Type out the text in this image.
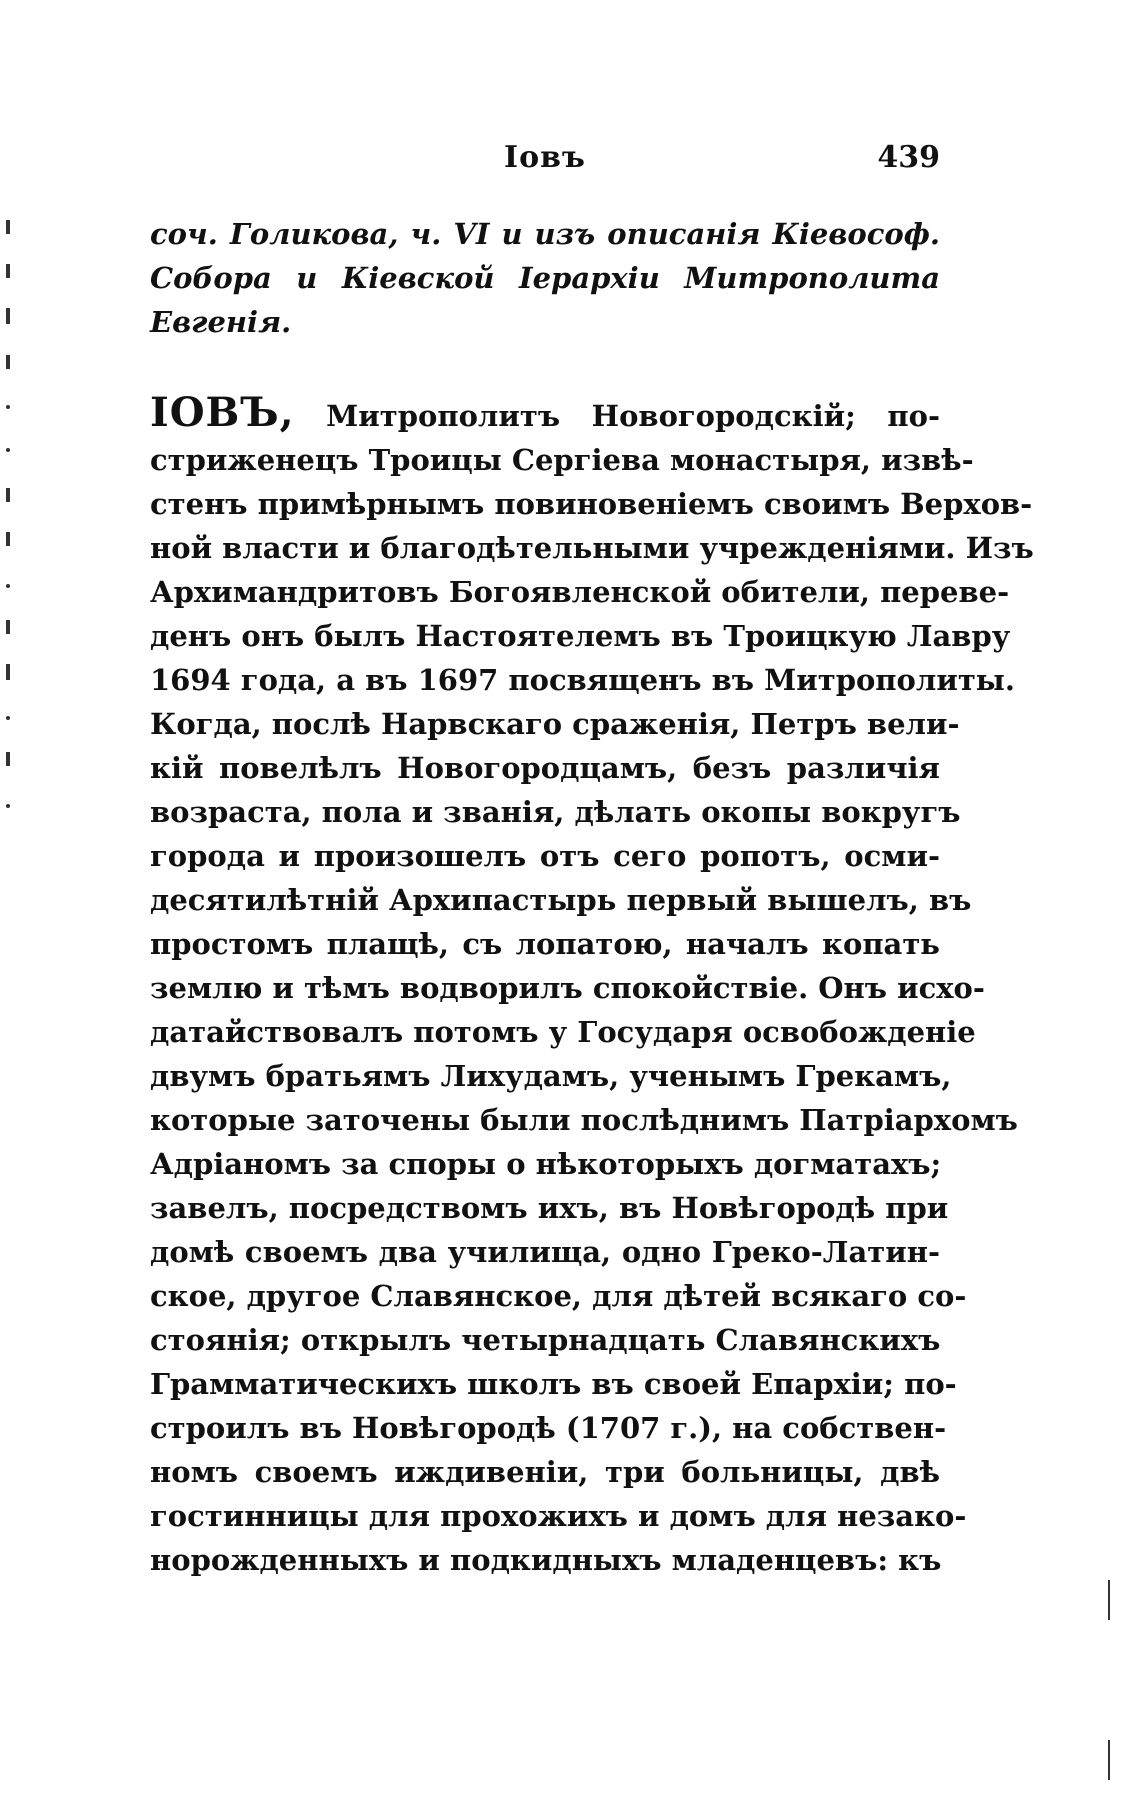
Іовъ	439
соч. Голикова, ч. VI и изъ описанія Кіевософ.
Собора и Кіевской Іерархіи Митрополита
Евгенія.
ІОВЪ, Митрополитъ Новогородскій; по-
стриженецъ Троицы Сергіева монастыря, извѣ-
стенъ примѣрнымъ повиновеніемъ своимъ Верхов-
ной власти и благодѣтельными учрежденіями. Изъ
Архимандритовъ Богоявленской обители, переве-
денъ онъ былъ Настоятелемъ въ Троицкую Лавру
1694 года, а въ 1697 посвященъ въ Митрополиты.
Когда, послѣ Нарвскаго сраженія, Петръ вели-
кій повелѣлъ Новогородцамъ, безъ различія
возраста, пола и званія, дѣлать окопы вокругъ
города и произошелъ отъ сего ропотъ, осми-
десятилѣтній Архипастырь первый вышелъ, въ
простомъ плащѣ, съ лопатою, началъ копать
землю и тѣмъ водворилъ спокойствіе. Онъ исхо-
датайствовалъ потомъ у Государя освобожденіе
двумъ братьямъ Лихудамъ, ученымъ Грекамъ,
которые заточены были послѣднимъ Патріархомъ
Адріаномъ за споры о нѣкоторыхъ догматахъ;
завелъ, посредствомъ ихъ, въ Новѣгородѣ при
домѣ своемъ два училища, одно Греко-Латин-
ское, другое Славянское, для дѣтей всякаго со-
стоянія; открылъ четырнадцать Славянскихъ
Грамматическихъ школъ въ своей Епархіи; по-
строилъ въ Новѣгородѣ (1707 г.), на собствен-
номъ своемъ иждивеніи, три больницы, двѣ
гостинницы для прохожихъ и домъ для незако-
норожденныхъ и подкидныхъ младенцевъ: къ
